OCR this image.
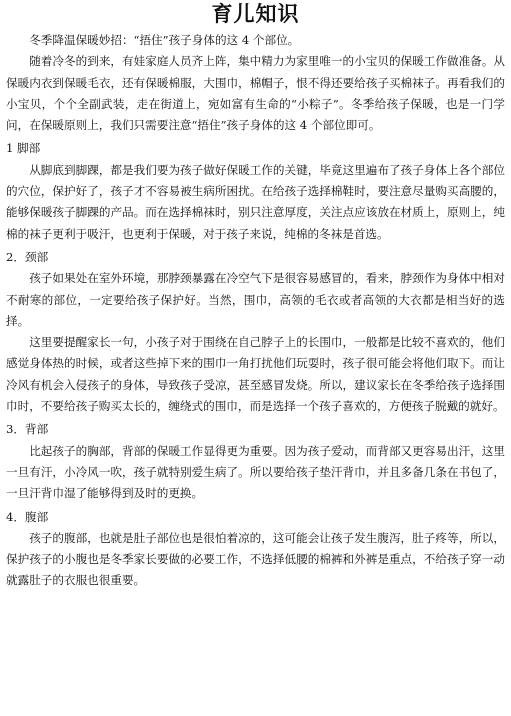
育儿知识

冬季降温保暖妙招：“捂住”孩子身体的这 4 个部位。

随着冷冬的到来，有娃家庭人员齐上阵，集中精力为家里唯一的小宝贝的保暖工作做准备。从保暖内衣到保暖毛衣，还有保暖棉服，大围巾，棉帽子，恨不得还要给孩子买棉袜子。再看我们的小宝贝，个个全副武装，走在街道上，宛如富有生命的“小粽子”。冬季给孩子保暖，也是一门学问，在保暖原则上，我们只需要注意“捂住”孩子身体的这 4 个部位即可。

1 脚部

从脚底到脚踝，都是我们要为孩子做好保暖工作的关键，毕竟这里遍布了孩子身体上各个部位的穴位，保护好了，孩子才不容易被生病所困扰。在给孩子选择棉鞋时，要注意尽量购买高腰的，能够保暖孩子脚踝的产品。而在选择棉袜时，别只注意厚度，关注点应该放在材质上，原则上，纯棉的袜子更利于吸汗，也更利于保暖，对于孩子来说，纯棉的冬袜是首选。

2．颈部

孩子如果处在室外环境，那脖颈暴露在冷空气下是很容易感冒的，看来，脖颈作为身体中相对不耐寒的部位，一定要给孩子保护好。当然，围巾，高领的毛衣或者高领的大衣都是相当好的选择。

这里要提醒家长一句，小孩子对于围绕在自己脖子上的长围巾，一般都是比较不喜欢的，他们感觉身体热的时候，或者这些掉下来的围巾一角打扰他们玩耍时，孩子很可能会将他们取下。而让冷风有机会入侵孩子的身体，导致孩子受凉，甚至感冒发烧。所以，建议家长在冬季给孩子选择围巾时，不要给孩子购买太长的，缠绕式的围巾，而是选择一个孩子喜欢的，方便孩子脱戴的就好。

3．背部

比起孩子的胸部，背部的保暖工作显得更为重要。因为孩子爱动，而背部又更容易出汗，这里一旦有汗，小冷风一吹，孩子就特别爱生病了。所以要给孩子垫汗背巾，并且多备几条在书包了，一旦汗背巾湿了能够得到及时的更换。

4．腹部

孩子的腹部，也就是肚子部位也是很怕着凉的，这可能会让孩子发生腹泻，肚子疼等，所以，保护孩子的小腹也是冬季家长要做的必要工作，不选择低腰的棉裤和外裤是重点，不给孩子穿一动就露肚子的衣服也很重要。
